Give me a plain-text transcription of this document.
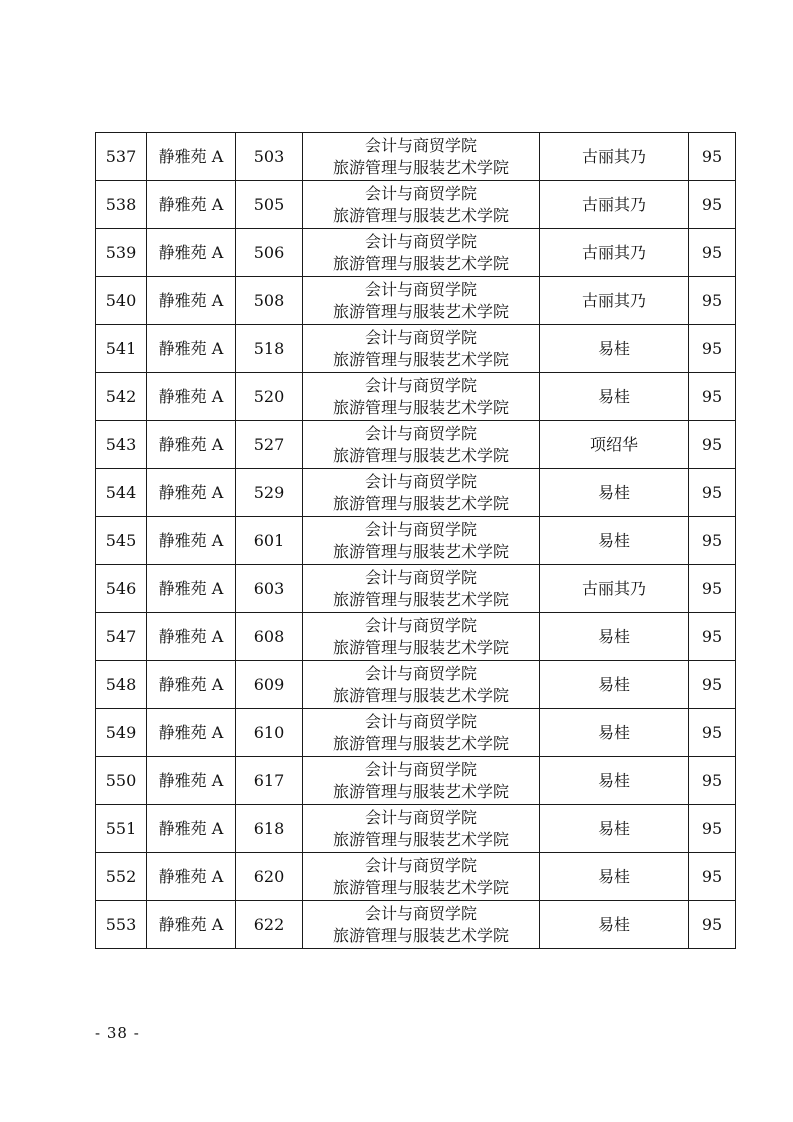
537	静雅苑 A	503	会计与商贸学院
旅游管理与服装艺术学院	古丽其乃	95
538	静雅苑 A	505	会计与商贸学院
旅游管理与服装艺术学院	古丽其乃	95
539	静雅苑 A	506	会计与商贸学院
旅游管理与服装艺术学院	古丽其乃	95
540	静雅苑 A	508	会计与商贸学院
旅游管理与服装艺术学院	古丽其乃	95
541	静雅苑 A	518	会计与商贸学院
旅游管理与服装艺术学院	易桂	95
542	静雅苑 A	520	会计与商贸学院
旅游管理与服装艺术学院	易桂	95
543	静雅苑 A	527	会计与商贸学院
旅游管理与服装艺术学院	项绍华	95
544	静雅苑 A	529	会计与商贸学院
旅游管理与服装艺术学院	易桂	95
545	静雅苑 A	601	会计与商贸学院
旅游管理与服装艺术学院	易桂	95
546	静雅苑 A	603	会计与商贸学院
旅游管理与服装艺术学院	古丽其乃	95
547	静雅苑 A	608	会计与商贸学院
旅游管理与服装艺术学院	易桂	95
548	静雅苑 A	609	会计与商贸学院
旅游管理与服装艺术学院	易桂	95
549	静雅苑 A	610	会计与商贸学院
旅游管理与服装艺术学院	易桂	95
550	静雅苑 A	617	会计与商贸学院
旅游管理与服装艺术学院	易桂	95
551	静雅苑 A	618	会计与商贸学院
旅游管理与服装艺术学院	易桂	95
552	静雅苑 A	620	会计与商贸学院
旅游管理与服装艺术学院	易桂	95
553	静雅苑 A	622	会计与商贸学院
旅游管理与服装艺术学院	易桂	95
- 38 -
